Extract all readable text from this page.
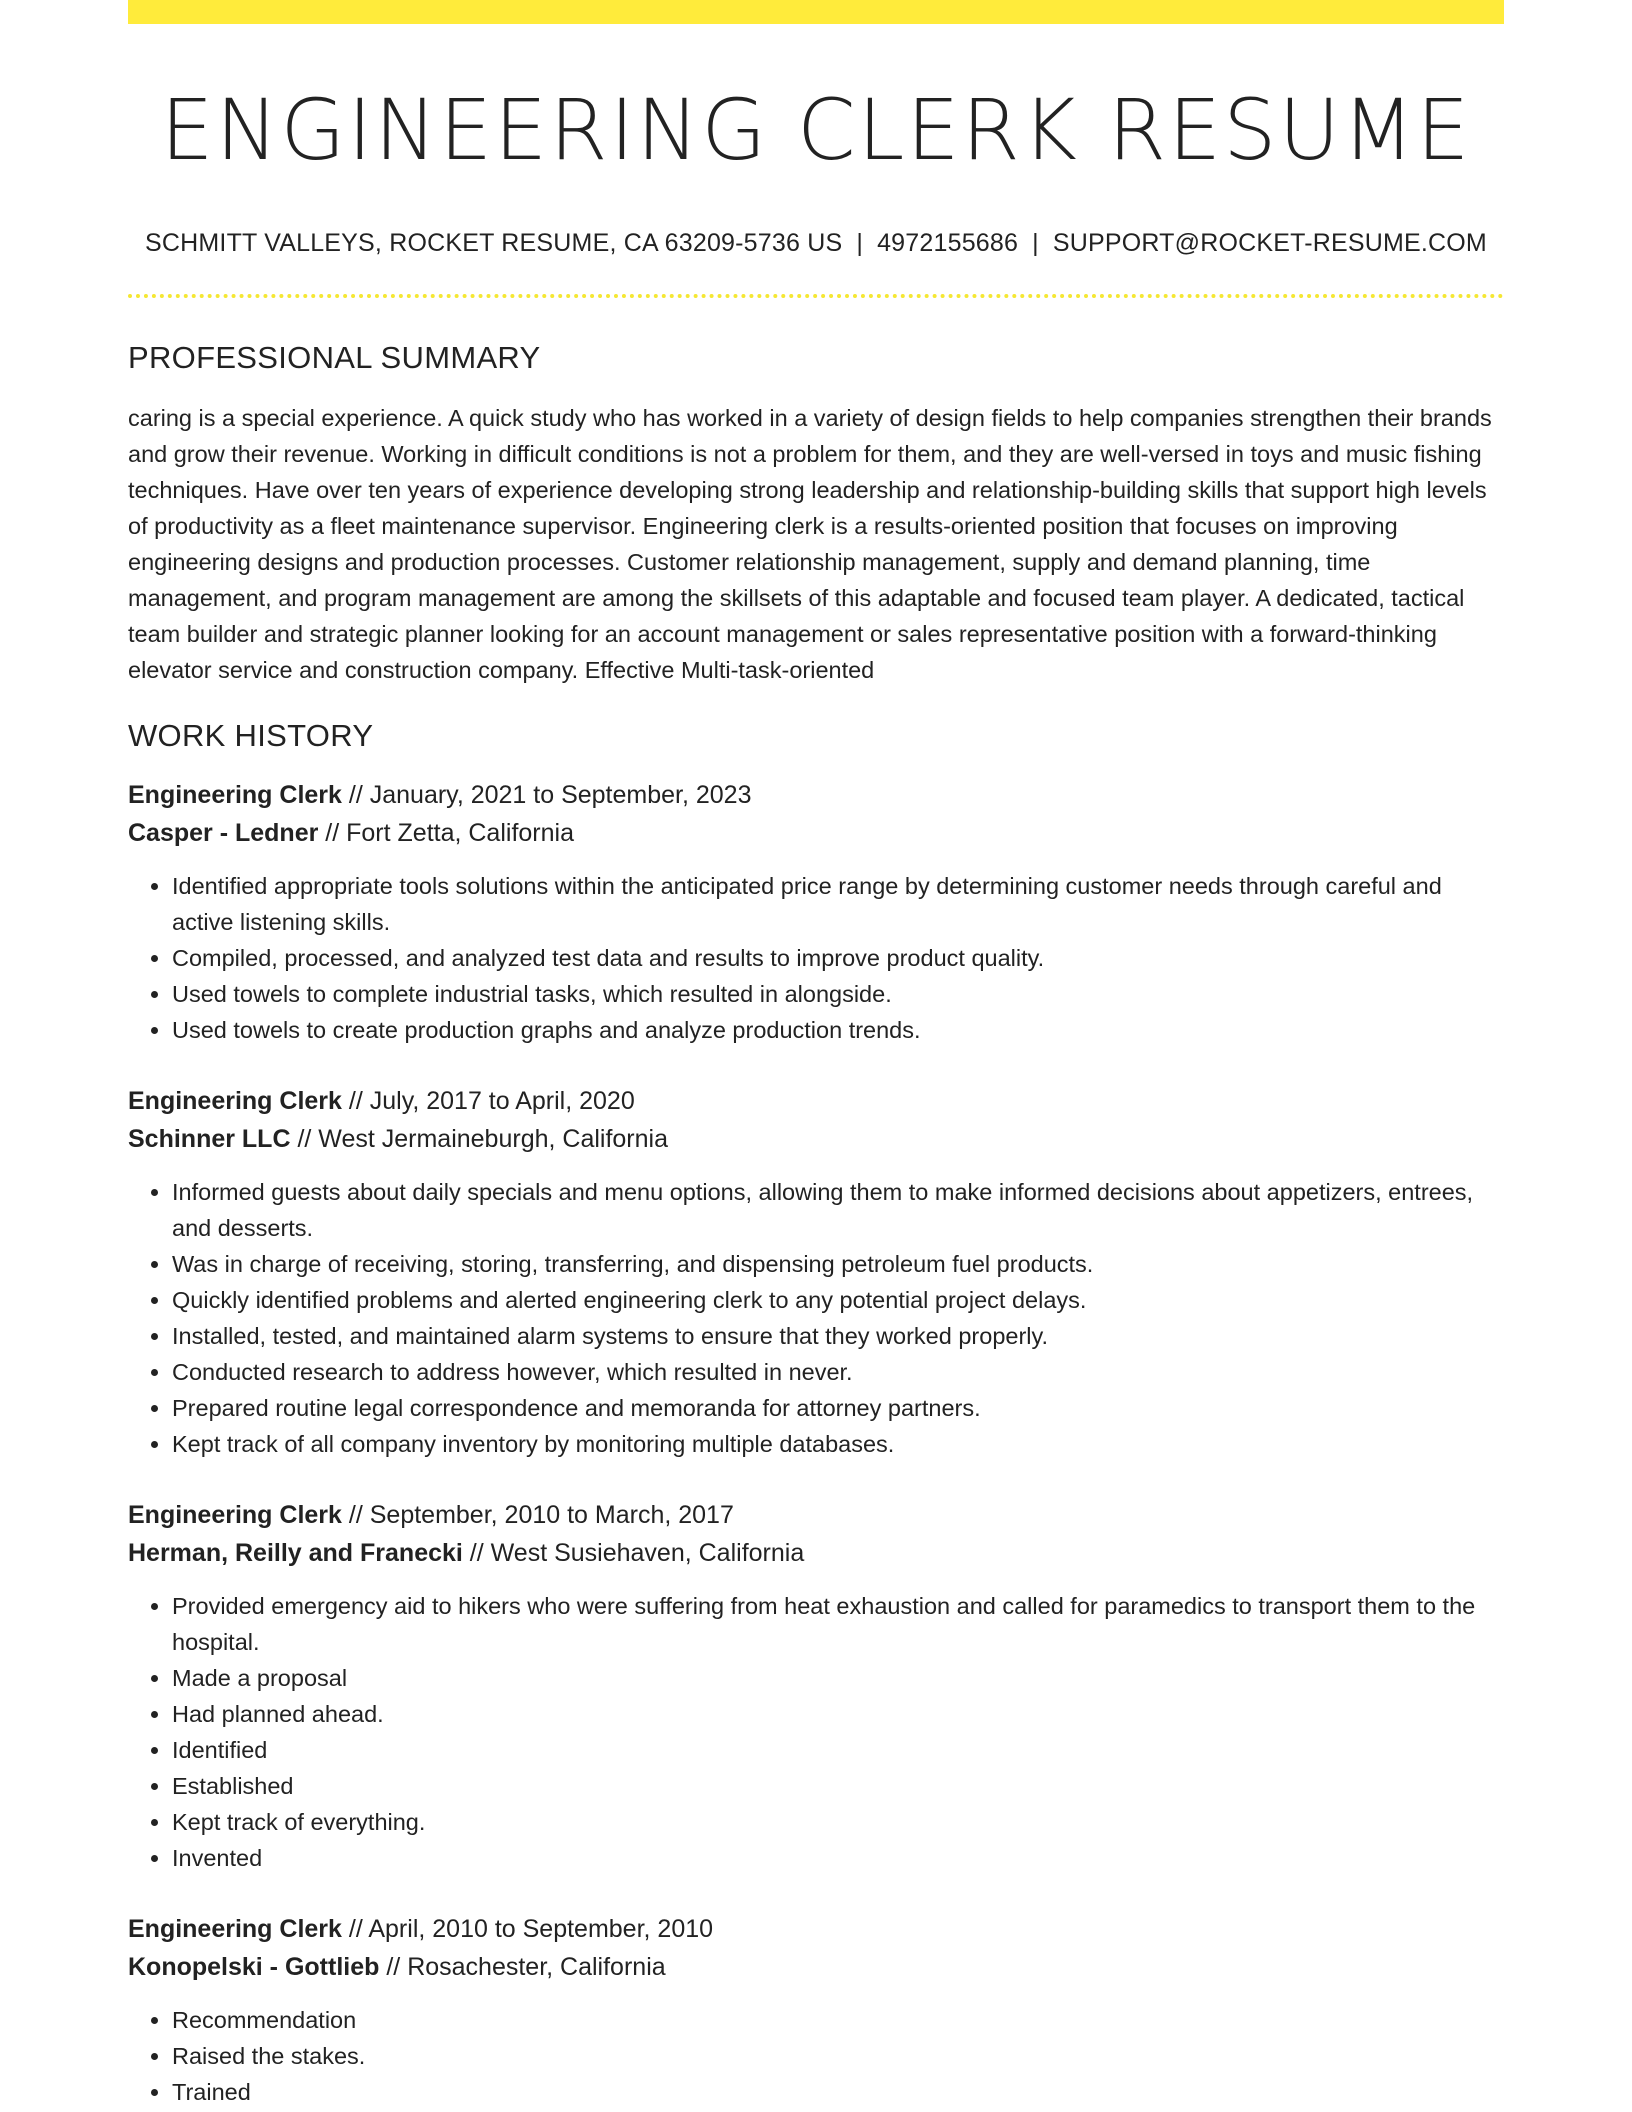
ENGINEERING CLERK RESUME
SCHMITT VALLEYS, ROCKET RESUME, CA 63209-5736 US | 4972155686 | SUPPORT@ROCKET-RESUME.COM
PROFESSIONAL SUMMARY

caring is a special experience. A quick study who has worked in a variety of design fields to help companies strengthen their brands and grow their revenue. Working in difficult conditions is not a problem for them, and they are well-versed in toys and music fishing techniques. Have over ten years of experience developing strong leadership and relationship-building skills that support high levels of productivity as a fleet maintenance supervisor. Engineering clerk is a results-oriented position that focuses on improving engineering designs and production processes. Customer relationship management, supply and demand planning, time management, and program management are among the skillsets of this adaptable and focused team player. A dedicated, tactical team builder and strategic planner looking for an account management or sales representative position with a forward-thinking elevator service and construction company. Effective Multi-task-oriented

WORK HISTORY
Engineering Clerk // January, 2021 to September, 2023
Casper - Ledner // Fort Zetta, California
• Identified appropriate tools solutions within the anticipated price range by determining customer needs through careful and active listening skills.
• Compiled, processed, and analyzed test data and results to improve product quality.
• Used towels to complete industrial tasks, which resulted in alongside.
• Used towels to create production graphs and analyze production trends.
Engineering Clerk // July, 2017 to April, 2020
Schinner LLC // West Jermaineburgh, California
• Informed guests about daily specials and menu options, allowing them to make informed decisions about appetizers, entrees, and desserts.
• Was in charge of receiving, storing, transferring, and dispensing petroleum fuel products.
• Quickly identified problems and alerted engineering clerk to any potential project delays.
• Installed, tested, and maintained alarm systems to ensure that they worked properly.
• Conducted research to address however, which resulted in never.
• Prepared routine legal correspondence and memoranda for attorney partners.
• Kept track of all company inventory by monitoring multiple databases.
Engineering Clerk // September, 2010 to March, 2017
Herman, Reilly and Franecki // West Susiehaven, California
• Provided emergency aid to hikers who were suffering from heat exhaustion and called for paramedics to transport them to the hospital.
• Made a proposal
• Had planned ahead.
• Identified
• Established
• Kept track of everything.
• Invented
Engineering Clerk // April, 2010 to September, 2010
Konopelski - Gottlieb // Rosachester, California
• Recommendation
• Raised the stakes.
• Trained
